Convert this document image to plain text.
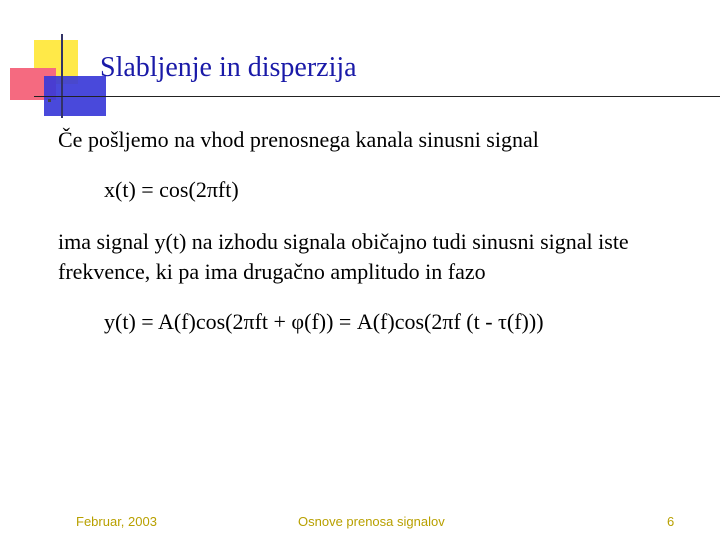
Slabljenje in disperzija
Če pošljemo na vhod prenosnega kanala sinusni signal
x(t) = cos(2πft)
ima signal y(t) na izhodu signala običajno tudi sinusni signal iste
frekvence, ki pa ima drugačno amplitudo in fazo
y(t) = A(f)cos(2πft + φ(f)) = A(f)cos(2πf (t - τ(f)))
Februar, 2003	Osnove prenosa signalov	6
